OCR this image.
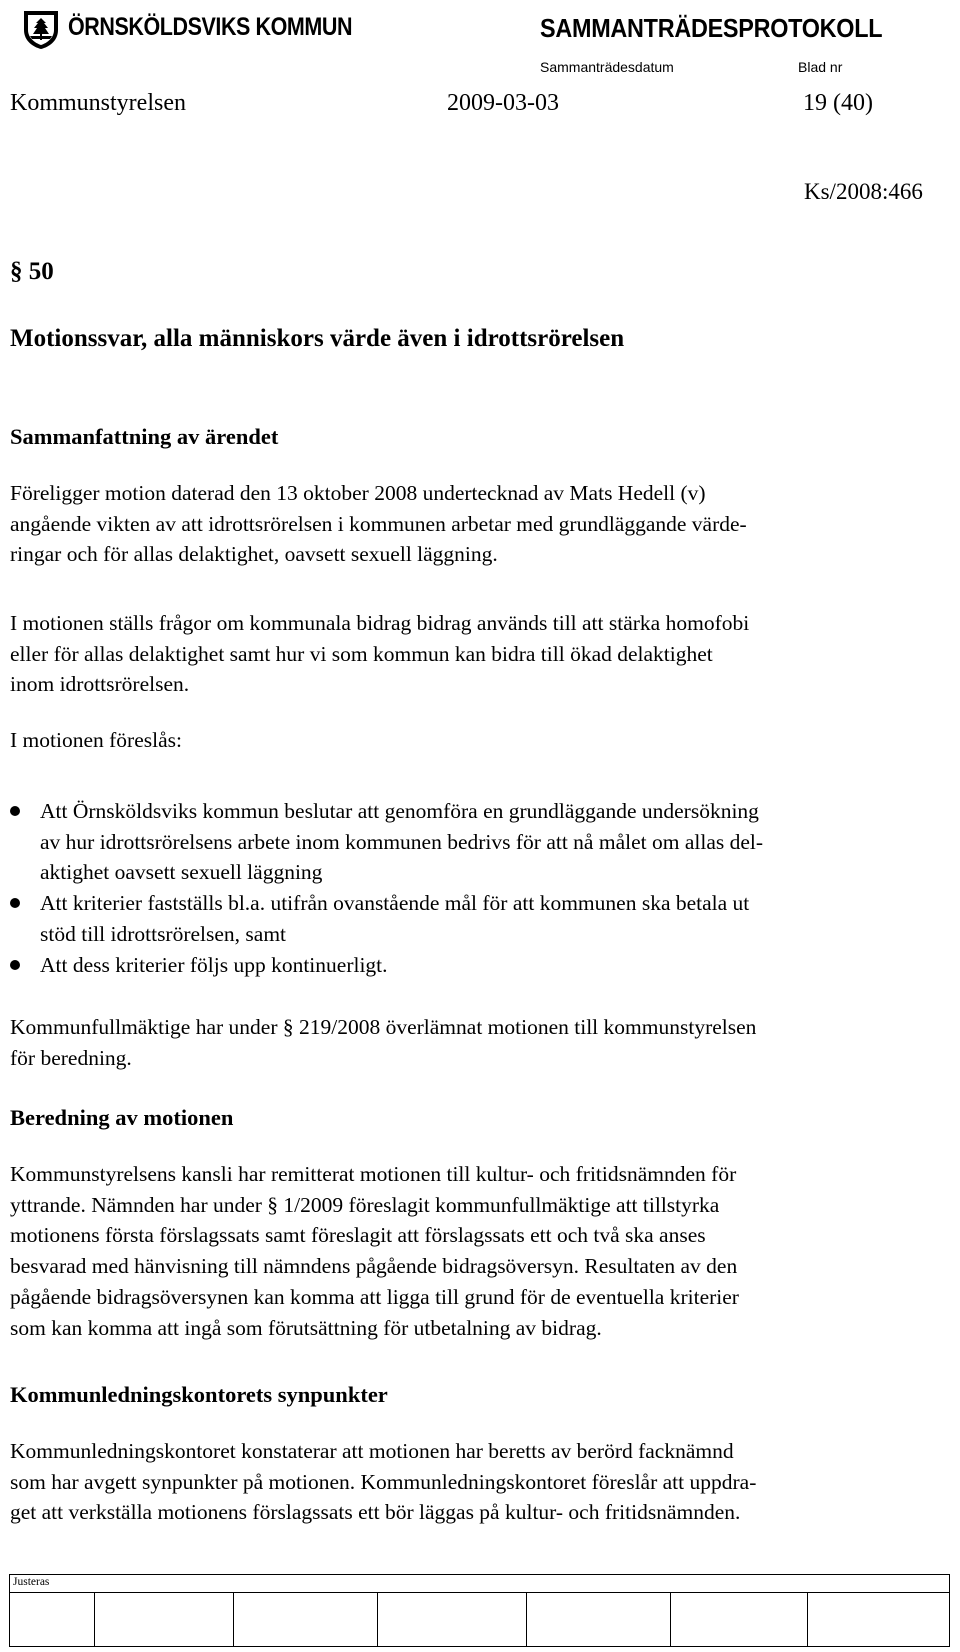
ÖRNSKÖLDSVIKS KOMMUN	SAMMANTRÄDESPROTOKOLL
Sammanträdesdatum	Blad nr
Kommunstyrelsen	2009-03-03	19 (40)
Ks/2008:466
§ 50
Motionssvar, alla människors värde även i idrottsrörelsen
Sammanfattning av ärendet
Föreligger motion daterad den 13 oktober 2008 undertecknad av Mats Hedell (v)
angående vikten av att idrottsrörelsen i kommunen arbetar med grundläggande värde-
ringar och för allas delaktighet, oavsett sexuell läggning.
I motionen ställs frågor om kommunala bidrag bidrag används till att stärka homofobi
eller för allas delaktighet samt hur vi som kommun kan bidra till ökad delaktighet
inom idrottsrörelsen.
I motionen föreslås:
Att Örnsköldsviks kommun beslutar att genomföra en grundläggande undersökning
av hur idrottsrörelsens arbete inom kommunen bedrivs för att nå målet om allas del-
aktighet oavsett sexuell läggning
Att kriterier fastställs bl.a. utifrån ovanstående mål för att kommunen ska betala ut
stöd till idrottsrörelsen, samt
Att dess kriterier följs upp kontinuerligt.
Kommunfullmäktige har under § 219/2008 överlämnat motionen till kommunstyrelsen
för beredning.
Beredning av motionen
Kommunstyrelsens kansli har remitterat motionen till kultur- och fritidsnämnden för
yttrande. Nämnden har under § 1/2009 föreslagit kommunfullmäktige att tillstyrka
motionens första förslagssats samt föreslagit att förslagssats ett och två ska anses
besvarad med hänvisning till nämndens pågående bidragsöversyn. Resultaten av den
pågående bidragsöversynen kan komma att ligga till grund för de eventuella kriterier
som kan komma att ingå som förutsättning för utbetalning av bidrag.
Kommunledningskontorets synpunkter
Kommunledningskontoret konstaterar att motionen har beretts av berörd facknämnd
som har avgett synpunkter på motionen. Kommunledningskontoret föreslår att uppdra-
get att verkställa motionens förslagssats ett bör läggas på kultur- och fritidsnämnden.
Justeras
